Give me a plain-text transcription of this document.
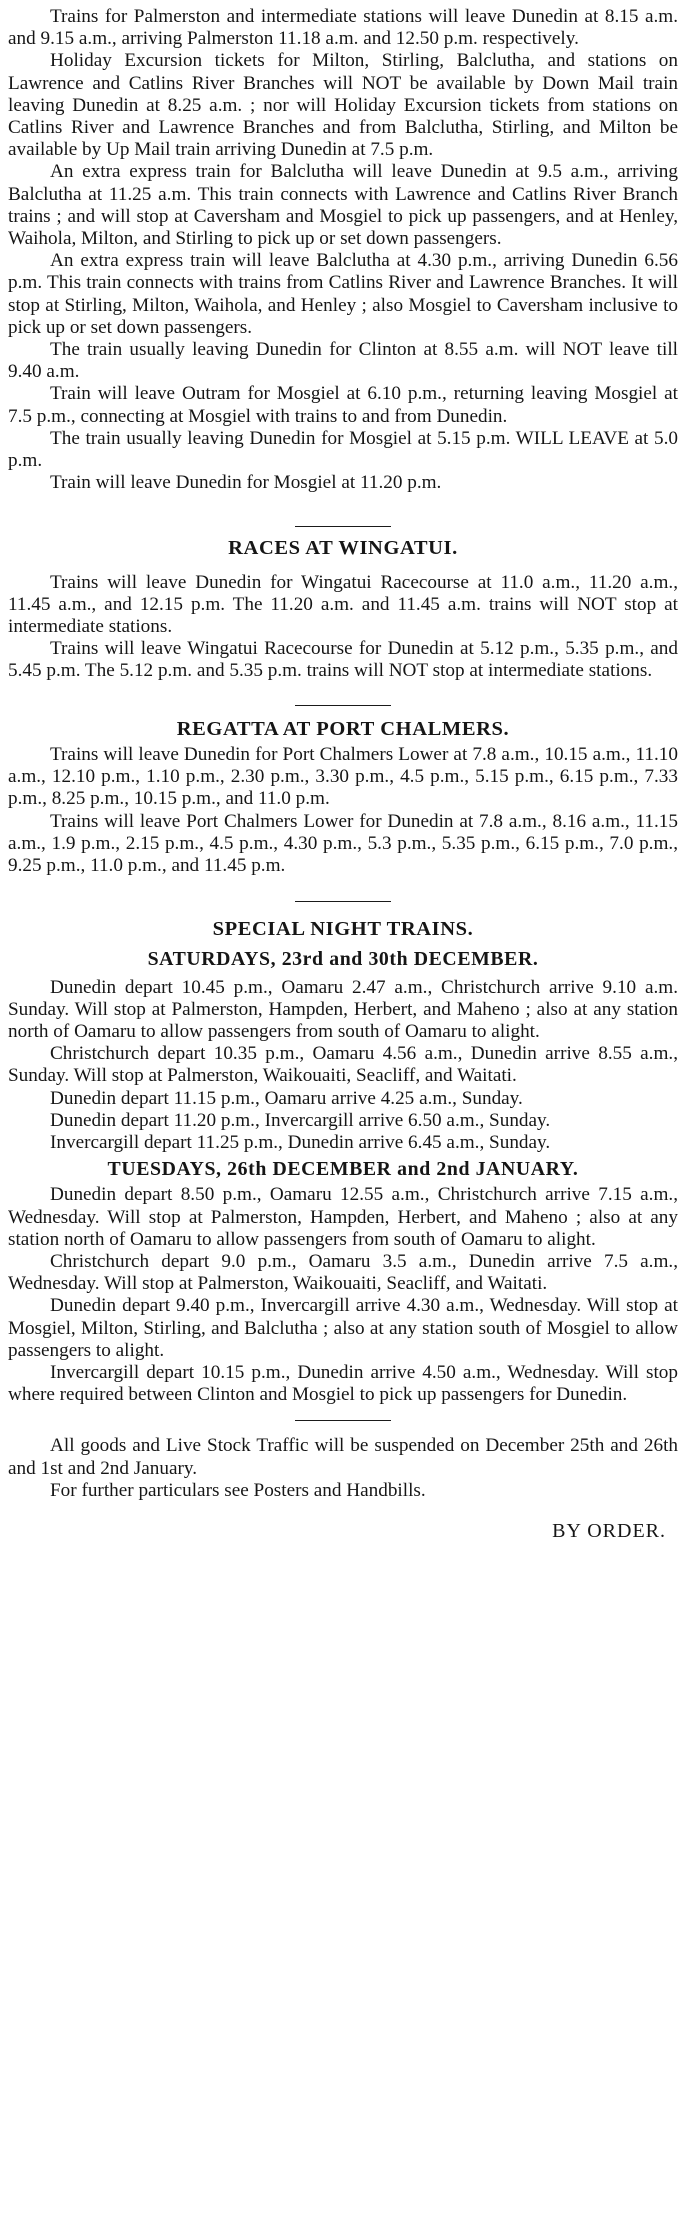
Trains for Palmerston and intermediate stations will leave Dunedin at 8.15 a.m. and 9.15 a.m., arriving Palmerston 11.18 a.m. and 12.50 p.m. respectively.

Holiday Excursion tickets for Milton, Stirling, Balclutha, and stations on Lawrence and Catlins River Branches will NOT be available by Down Mail train leaving Dunedin at 8.25 a.m. ; nor will Holiday Excursion tickets from stations on Catlins River and Lawrence Branches and from Balclutha, Stirling, and Milton be available by Up Mail train arriving Dunedin at 7.5 p.m.

An extra express train for Balclutha will leave Dunedin at 9.5 a.m., arriving Balclutha at 11.25 a.m. This train connects with Lawrence and Catlins River Branch trains ; and will stop at Caversham and Mosgiel to pick up passengers, and at Henley, Waihola, Milton, and Stirling to pick up or set down passengers.

An extra express train will leave Balclutha at 4.30 p.m., arriving Dunedin 6.56 p.m. This train connects with trains from Catlins River and Lawrence Branches. It will stop at Stirling, Milton, Waihola, and Henley ; also Mosgiel to Caversham inclusive to pick up or set down passengers.

The train usually leaving Dunedin for Clinton at 8.55 a.m. will NOT leave till 9.40 a.m.

Train will leave Outram for Mosgiel at 6.10 p.m., returning leaving Mosgiel at 7.5 p.m., connecting at Mosgiel with trains to and from Dunedin.

The train usually leaving Dunedin for Mosgiel at 5.15 p.m. WILL LEAVE at 5.0 p.m.

Train will leave Dunedin for Mosgiel at 11.20 p.m.

RACES AT WINGATUI.

Trains will leave Dunedin for Wingatui Racecourse at 11.0 a.m., 11.20 a.m., 11.45 a.m., and 12.15 p.m. The 11.20 a.m. and 11.45 a.m. trains will NOT stop at intermediate stations.

Trains will leave Wingatui Racecourse for Dunedin at 5.12 p.m., 5.35 p.m., and 5.45 p.m. The 5.12 p.m. and 5.35 p.m. trains will NOT stop at intermediate stations.

REGATTA AT PORT CHALMERS.

Trains will leave Dunedin for Port Chalmers Lower at 7.8 a.m., 10.15 a.m., 11.10 a.m., 12.10 p.m., 1.10 p.m., 2.30 p.m., 3.30 p.m., 4.5 p.m., 5.15 p.m., 6.15 p.m., 7.33 p.m., 8.25 p.m., 10.15 p.m., and 11.0 p.m.

Trains will leave Port Chalmers Lower for Dunedin at 7.8 a.m., 8.16 a.m., 11.15 a.m., 1.9 p.m., 2.15 p.m., 4.5 p.m., 4.30 p.m., 5.3 p.m., 5.35 p.m., 6.15 p.m., 7.0 p.m., 9.25 p.m., 11.0 p.m., and 11.45 p.m.

SPECIAL NIGHT TRAINS.
SATURDAYS, 23rd and 30th DECEMBER.

Dunedin depart 10.45 p.m., Oamaru 2.47 a.m., Christchurch arrive 9.10 a.m. Sunday. Will stop at Palmerston, Hampden, Herbert, and Maheno ; also at any station north of Oamaru to allow passengers from south of Oamaru to alight.

Christchurch depart 10.35 p.m., Oamaru 4.56 a.m., Dunedin arrive 8.55 a.m., Sunday. Will stop at Palmerston, Waikouaiti, Seacliff, and Waitati.

Dunedin depart 11.15 p.m., Oamaru arrive 4.25 a.m., Sunday.

Dunedin depart 11.20 p.m., Invercargill arrive 6.50 a.m., Sunday.

Invercargill depart 11.25 p.m., Dunedin arrive 6.45 a.m., Sunday.

TUESDAYS, 26th DECEMBER and 2nd JANUARY.

Dunedin depart 8.50 p.m., Oamaru 12.55 a.m., Christchurch arrive 7.15 a.m., Wednesday. Will stop at Palmerston, Hampden, Herbert, and Maheno ; also at any station north of Oamaru to allow passengers from south of Oamaru to alight.

Christchurch depart 9.0 p.m., Oamaru 3.5 a.m., Dunedin arrive 7.5 a.m., Wednesday. Will stop at Palmerston, Waikouaiti, Seacliff, and Waitati.

Dunedin depart 9.40 p.m., Invercargill arrive 4.30 a.m., Wednesday. Will stop at Mosgiel, Milton, Stirling, and Balclutha ; also at any station south of Mosgiel to allow passengers to alight.

Invercargill depart 10.15 p.m., Dunedin arrive 4.50 a.m., Wednesday. Will stop where required between Clinton and Mosgiel to pick up passengers for Dunedin.

All goods and Live Stock Traffic will be suspended on December 25th and 26th and 1st and 2nd January.

For further particulars see Posters and Handbills.

BY ORDER.
